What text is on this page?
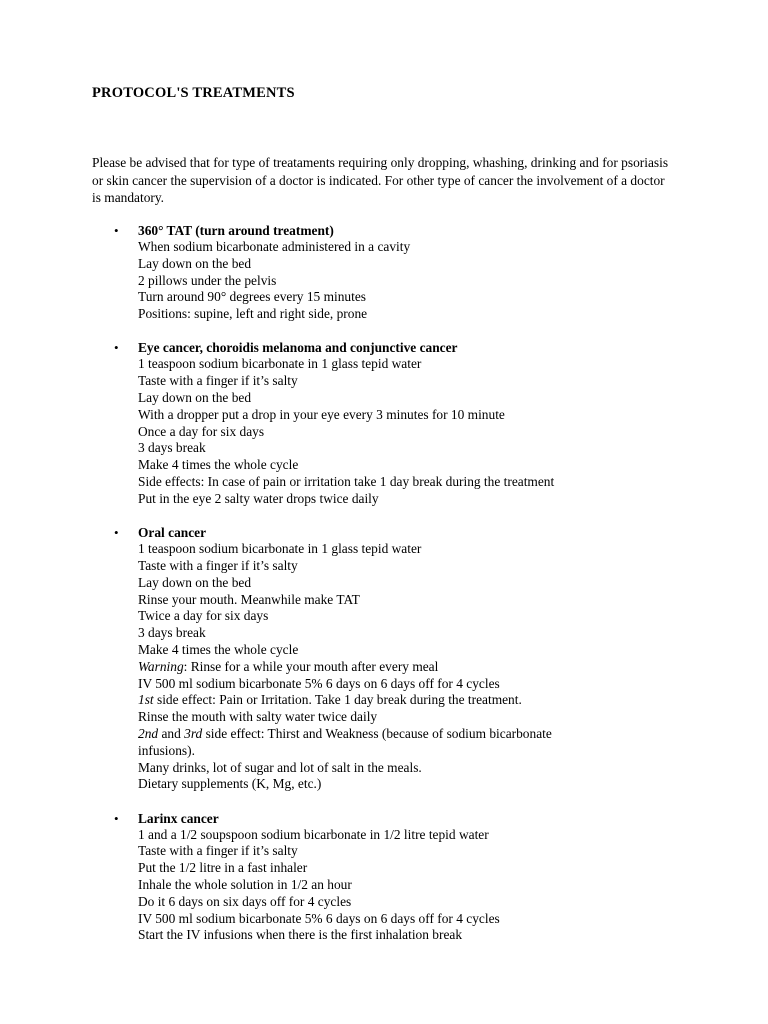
PROTOCOL'S TREATMENTS
Please be advised that for type of treataments requiring only dropping, whashing, drinking and for psoriasis or skin cancer the supervision of a doctor is indicated. For other type of cancer the involvement of a doctor is mandatory.
• 360° TAT (turn around treatment)
When sodium bicarbonate administered in a cavity
Lay down on the bed
2 pillows under the pelvis
Turn around 90° degrees every 15 minutes
Positions: supine, left and right side, prone
• Eye cancer, choroidis melanoma and conjunctive cancer
1 teaspoon sodium bicarbonate in 1 glass tepid water
Taste with a finger if it’s salty
Lay down on the bed
With a dropper put a drop in your eye every 3 minutes for 10 minute
Once a day for six days
3 days break
Make 4 times the whole cycle
Side effects: In case of pain or irritation take 1 day break during the treatment
Put in the eye 2 salty water drops twice daily
• Oral cancer
1 teaspoon sodium bicarbonate in 1 glass tepid water
Taste with a finger if it’s salty
Lay down on the bed
Rinse your mouth. Meanwhile make TAT
Twice a day for six days
3 days break
Make 4 times the whole cycle
Warning: Rinse for a while your mouth after every meal
IV 500 ml sodium bicarbonate 5% 6 days on 6 days off for 4 cycles
1st side effect: Pain or Irritation. Take 1 day break during the treatment.
Rinse the mouth with salty water twice daily
2nd and 3rd side effect: Thirst and Weakness (because of sodium bicarbonate
infusions).
Many drinks, lot of sugar and lot of salt in the meals.
Dietary supplements (K, Mg, etc.)
• Larinx cancer
1 and a 1/2 soupspoon sodium bicarbonate in 1/2 litre tepid water
Taste with a finger if it’s salty
Put the 1/2 litre in a fast inhaler
Inhale the whole solution in 1/2 an hour
Do it 6 days on six days off for 4 cycles
IV 500 ml sodium bicarbonate 5% 6 days on 6 days off for 4 cycles
Start the IV infusions when there is the first inhalation break
